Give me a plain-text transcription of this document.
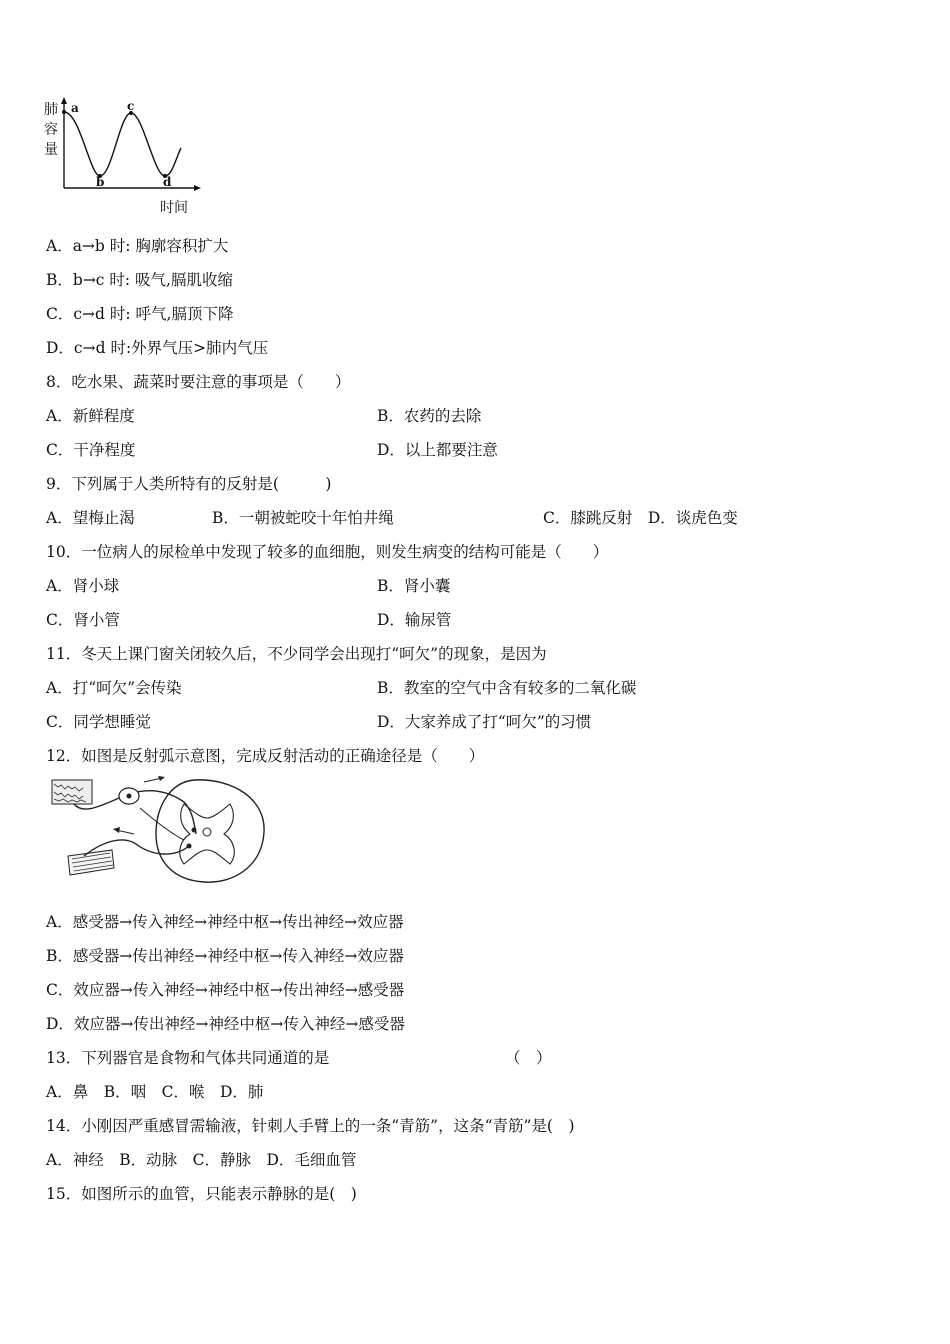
肺
容
量
a
b
c
d
时间
A．a→b 时: 胸廓容积扩大
B．b→c 时: 吸气,膈肌收缩
C．c→d 时: 呼气,膈顶下降
D．c→d 时:外界气压>肺内气压
8．吃水果、蔬菜时要注意的事项是（　　）
A．新鲜程度	B．农药的去除
C．干净程度	D．以上都要注意
9．下列属于人类所特有的反射是(　　　)
A．望梅止渴	B．一朝被蛇咬十年怕井绳	C．膝跳反射　D．谈虎色变
10．一位病人的尿检单中发现了较多的血细胞，则发生病变的结构可能是（　　）
A．肾小球	B．肾小囊
C．肾小管	D．输尿管
11．冬天上课门窗关闭较久后，不少同学会出现打“呵欠”的现象，是因为
A．打“呵欠”会传染	B．教室的空气中含有较多的二氧化碳
C．同学想睡觉	D．大家养成了打“呵欠”的习惯
12．如图是反射弧示意图，完成反射活动的正确途径是（　　）
A．感受器→传入神经→神经中枢→传出神经→效应器
B．感受器→传出神经→神经中枢→传入神经→效应器
C．效应器→传入神经→神经中枢→传出神经→感受器
D．效应器→传出神经→神经中枢→传入神经→感受器
13．下列器官是食物和气体共同通道的是	（　）
A．鼻　B．咽　C．喉　D．肺
14．小刚因严重感冒需输液，针刺人手臂上的一条“青筋”，这条“青筋”是(　)
A．神经　B．动脉　C．静脉　D．毛细血管
15．如图所示的血管，只能表示静脉的是(　)
